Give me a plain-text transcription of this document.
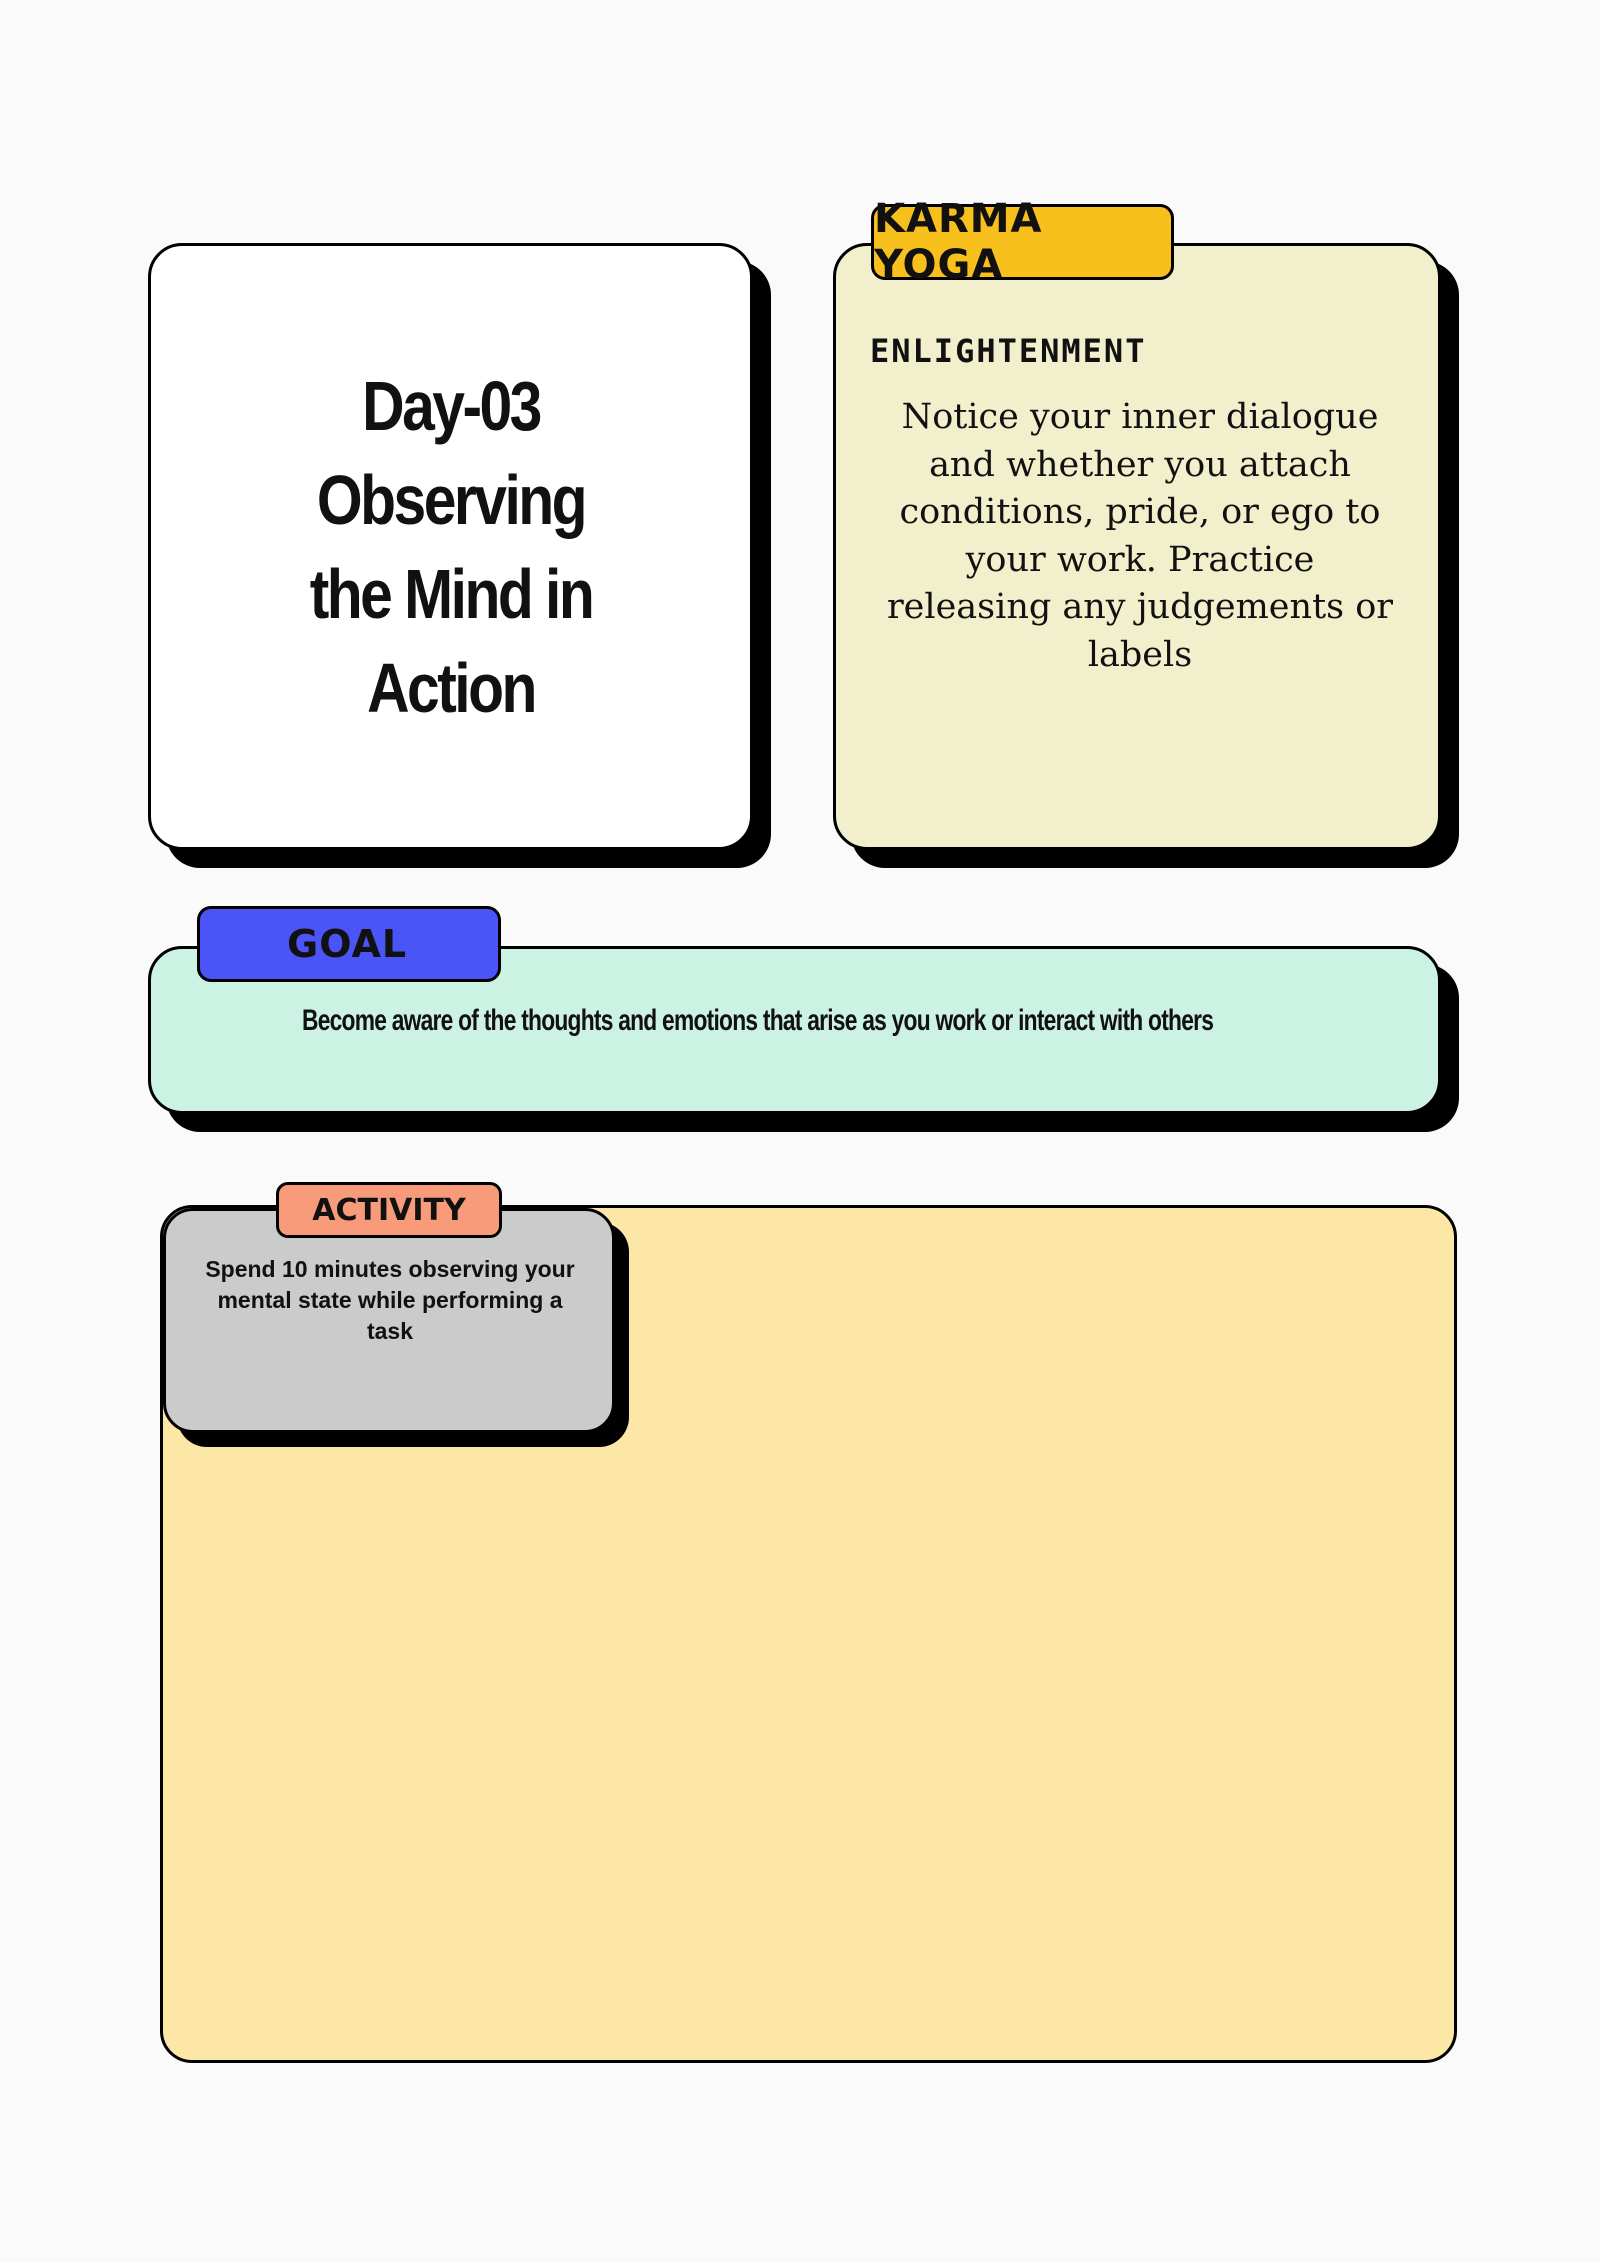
Day-03
Observing
the Mind in
Action
KARMA YOGA
ENLIGHTENMENT
Notice your inner dialogue and whether you attach conditions, pride, or ego to your work. Practice releasing any judgements or labels
GOAL
Become aware of the thoughts and emotions that arise as you work or interact with others
ACTIVITY
Spend 10 minutes observing your mental state while performing a task
